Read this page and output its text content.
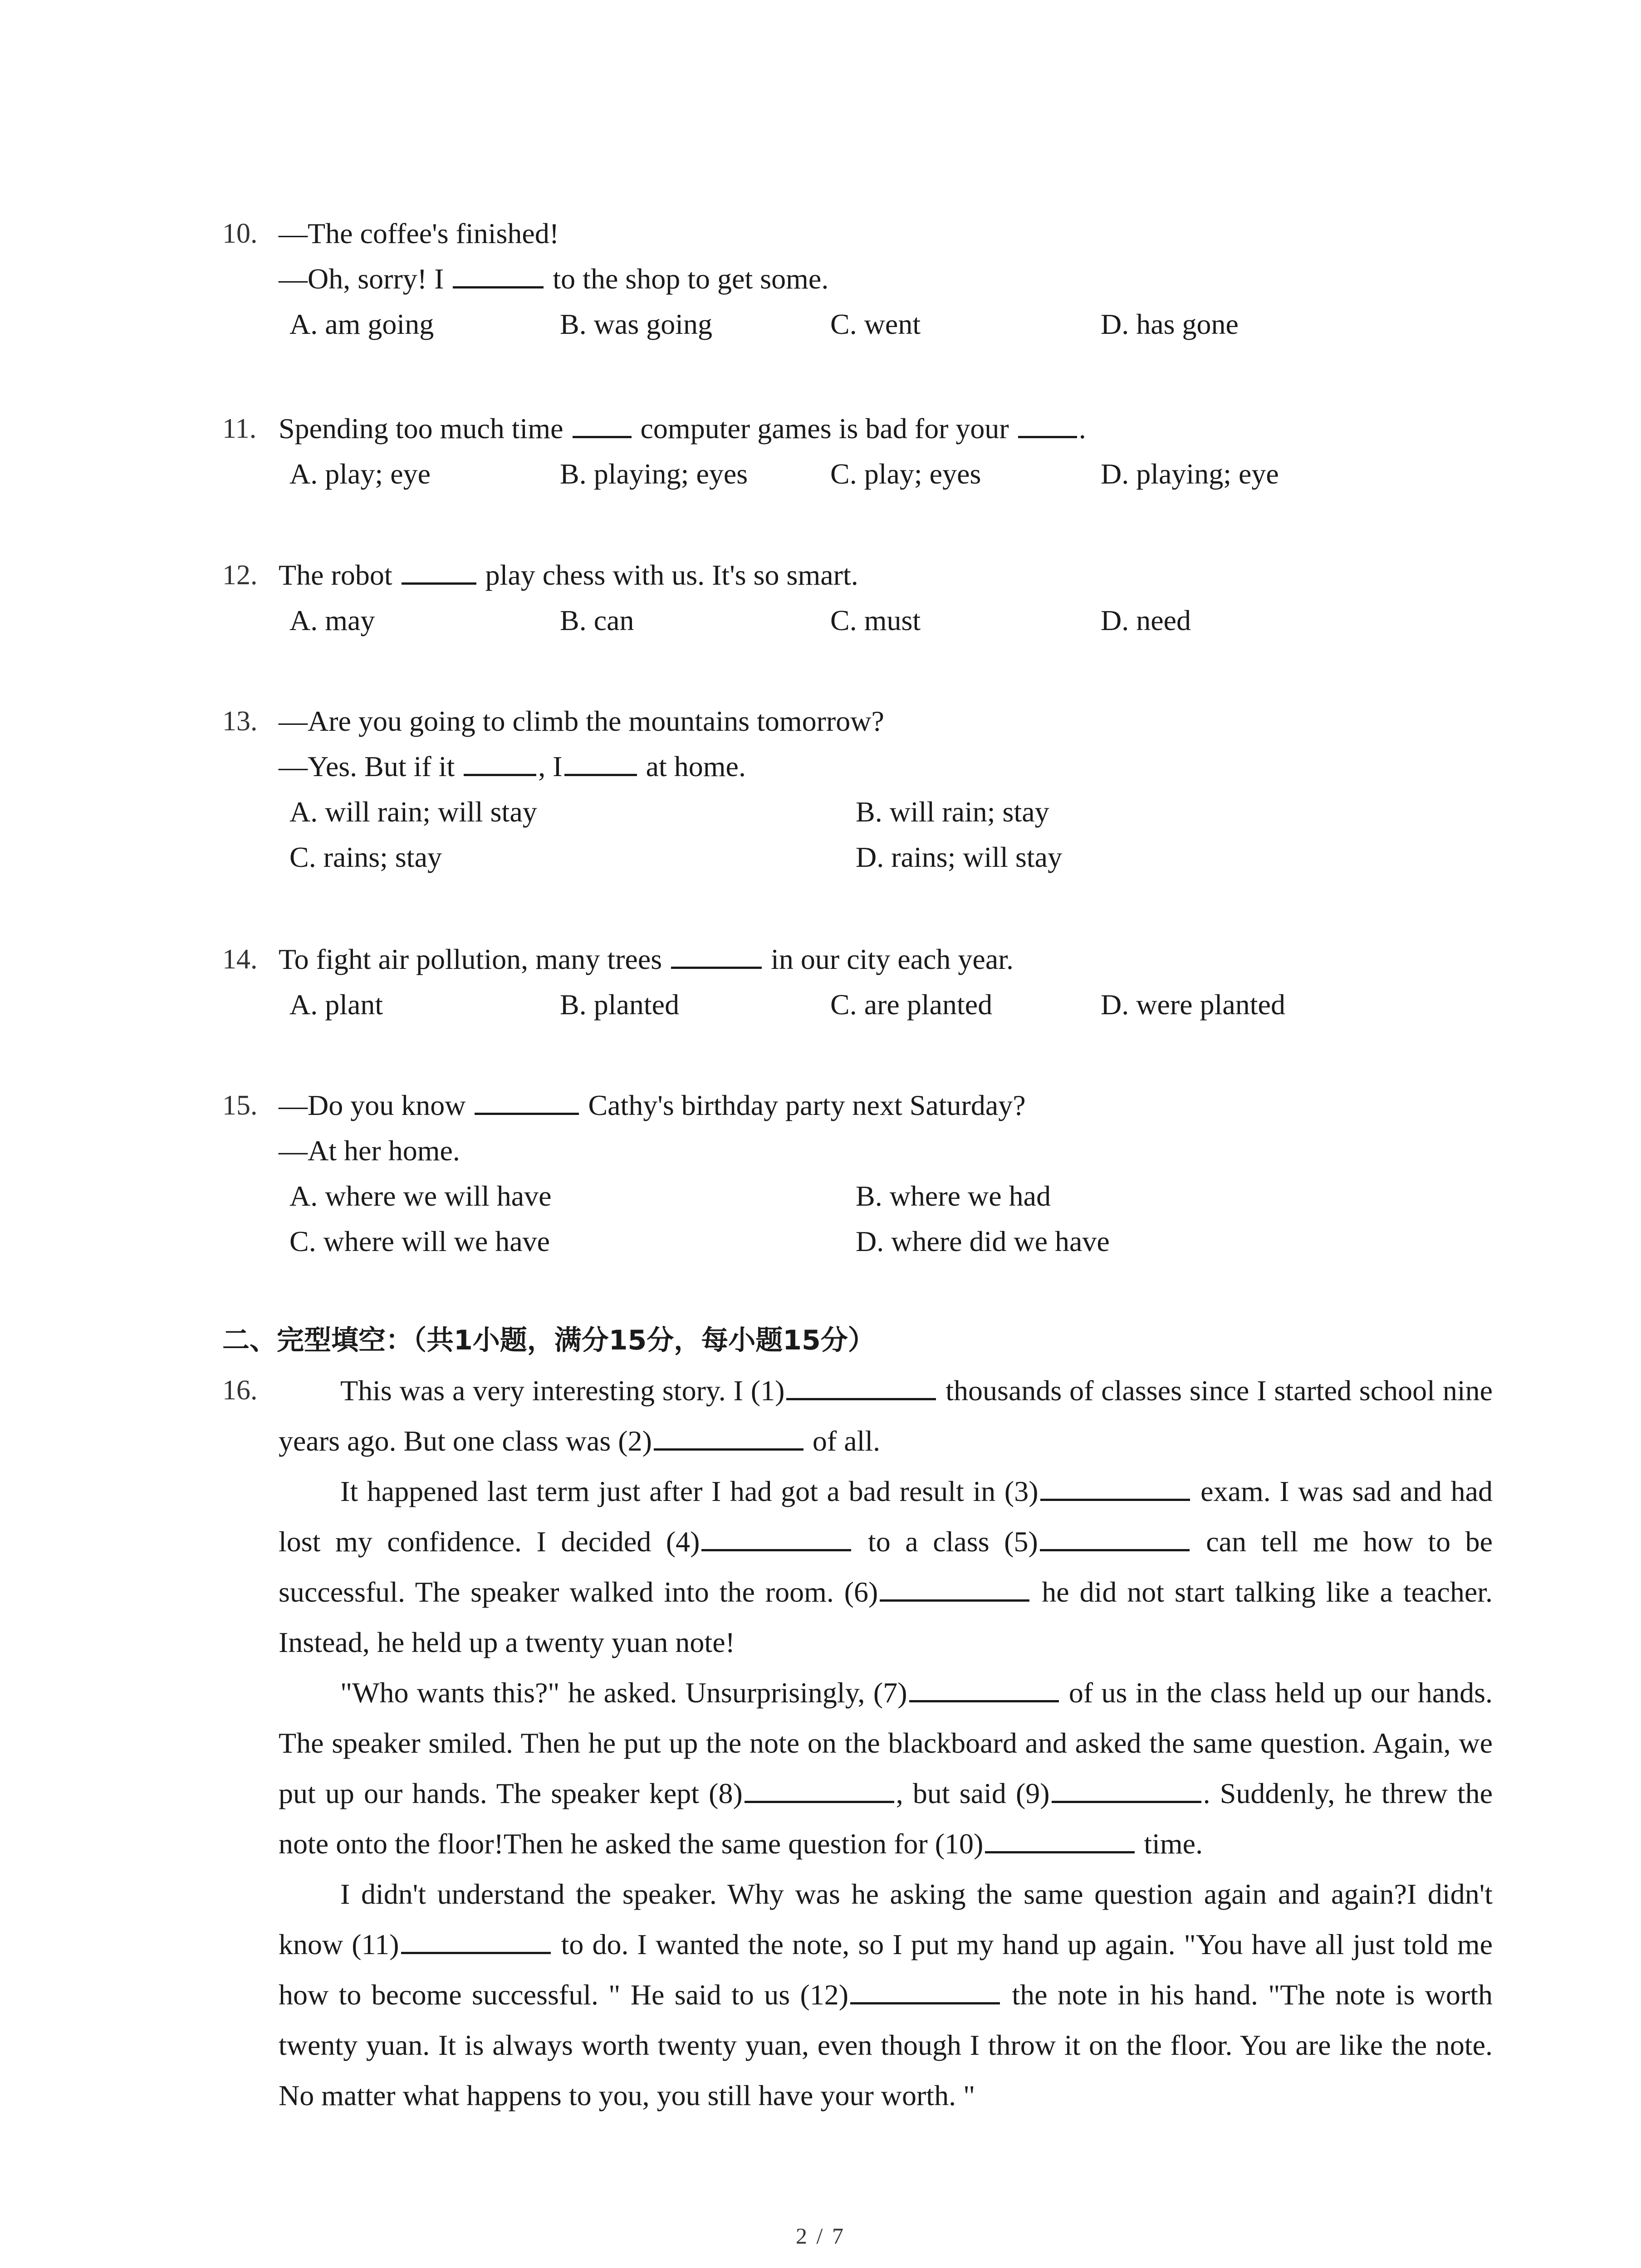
10. —The coffee's finished!
—Oh, sorry! I	to the shop to get some.
A. am going	B. was going	C. went	D. has gone
11. Spending too much time  computer games is bad for your .
A. play; eye	B. playing; eyes	C. play; eyes	D. playing; eye
12. The robot	play chess with us. It's so smart.
A. may	B. can	C. must	D. need
13. —Are you going to climb the mountains tomorrow?
—Yes. But if it	, I	at home.
A. will rain; will stay	B. will rain; stay
C. rains; stay	D. rains; will stay
14. To fight air pollution, many trees	in our city each year.
A. plant	B. planted	C. are planted	D. were planted
15. —Do you know	Cathy's birthday party next Saturday?
—At her home.
A. where we will have	B. where we had
C. where will we have	D. where did we have
二、完型填空：（共1小题，满分15分，每小题15分）
16.	This was a very interesting story. I (1)	thousands of classes since I started school nine years ago. But one class was (2)	of all.

It happened last term just after I had got a bad result in (3)	exam. I was sad and had lost my confidence. I decided (4)	to a class (5)	can tell me how to be successful. The speaker walked into the room. (6)	he did not start talking like a teacher. Instead, he held up a twenty yuan note!

"Who wants this?" he asked. Unsurprisingly, (7)	of us in the class held up our hands. The speaker smiled. Then he put up the note on the blackboard and asked the same question. Again, we put up our hands. The speaker kept (8)	, but said (9)	. Suddenly, he threw the note onto the floor!Then he asked the same question for (10)	time.

I didn't understand the speaker. Why was he asking the same question again and again?I didn't know (11)	to do. I wanted the note, so I put my hand up again. "You have all just told me how to become successful. " He said to us (12)	the note in his hand. "The note is worth twenty yuan. It is always worth twenty yuan, even though I throw it on the floor. You are like the note. No matter what happens to you, you still have your worth. "

2 / 7
